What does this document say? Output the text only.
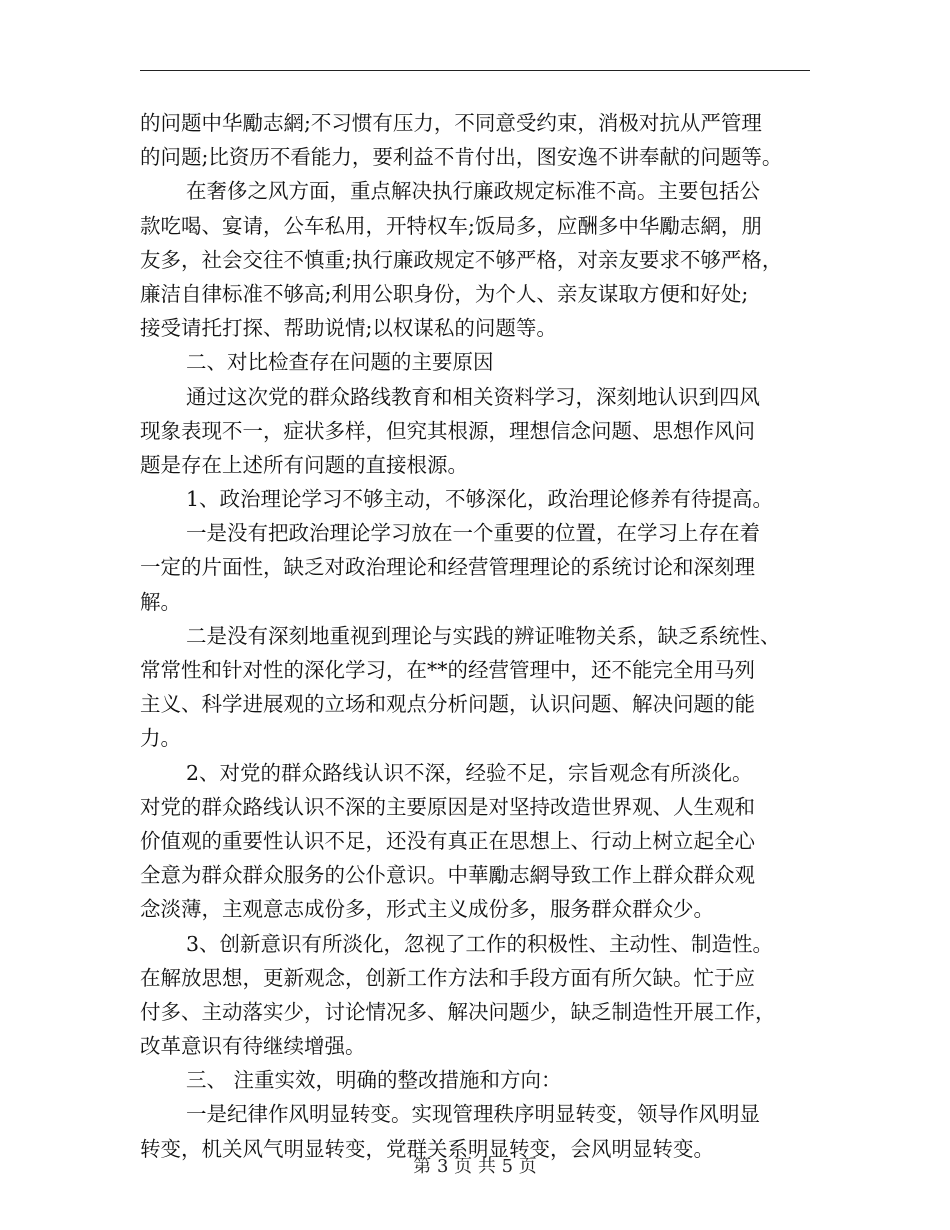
的问题中华勵志網;不习惯有压力，不同意受约束，消极对抗从严管理
的问题;比资历不看能力，要利益不肯付出，图安逸不讲奉献的问题等。
在奢侈之风方面，重点解决执行廉政规定标准不高。主要包括公
款吃喝、宴请，公车私用，开特权车;饭局多，应酬多中华勵志網，朋
友多，社会交往不慎重;执行廉政规定不够严格，对亲友要求不够严格，
廉洁自律标准不够高;利用公职身份，为个人、亲友谋取方便和好处;
接受请托打探、帮助说情;以权谋私的问题等。
二、对比检查存在问题的主要原因
通过这次党的群众路线教育和相关资料学习，深刻地认识到四风
现象表现不一，症状多样，但究其根源，理想信念问题、思想作风问
题是存在上述所有问题的直接根源。
1、政治理论学习不够主动，不够深化，政治理论修养有待提高。
一是没有把政治理论学习放在一个重要的位置，在学习上存在着
一定的片面性，缺乏对政治理论和经营管理理论的系统讨论和深刻理
解。
二是没有深刻地重视到理论与实践的辨证唯物关系，缺乏系统性、
常常性和针对性的深化学习，在**的经营管理中，还不能完全用马列
主义、科学进展观的立场和观点分析问题，认识问题、解决问题的能
力。
2、对党的群众路线认识不深，经验不足，宗旨观念有所淡化。
对党的群众路线认识不深的主要原因是对坚持改造世界观、人生观和
价值观的重要性认识不足，还没有真正在思想上、行动上树立起全心
全意为群众群众服务的公仆意识。中華勵志網导致工作上群众群众观
念淡薄，主观意志成份多，形式主义成份多，服务群众群众少。
3、创新意识有所淡化，忽视了工作的积极性、主动性、制造性。
在解放思想，更新观念，创新工作方法和手段方面有所欠缺。忙于应
付多、主动落实少，讨论情况多、解决问题少，缺乏制造性开展工作，
改革意识有待继续增强。
三、 注重实效，明确的整改措施和方向：
一是纪律作风明显转变。实现管理秩序明显转变，领导作风明显
转变，机关风气明显转变，党群关系明显转变，会风明显转变。
第 3 页 共 5 页
